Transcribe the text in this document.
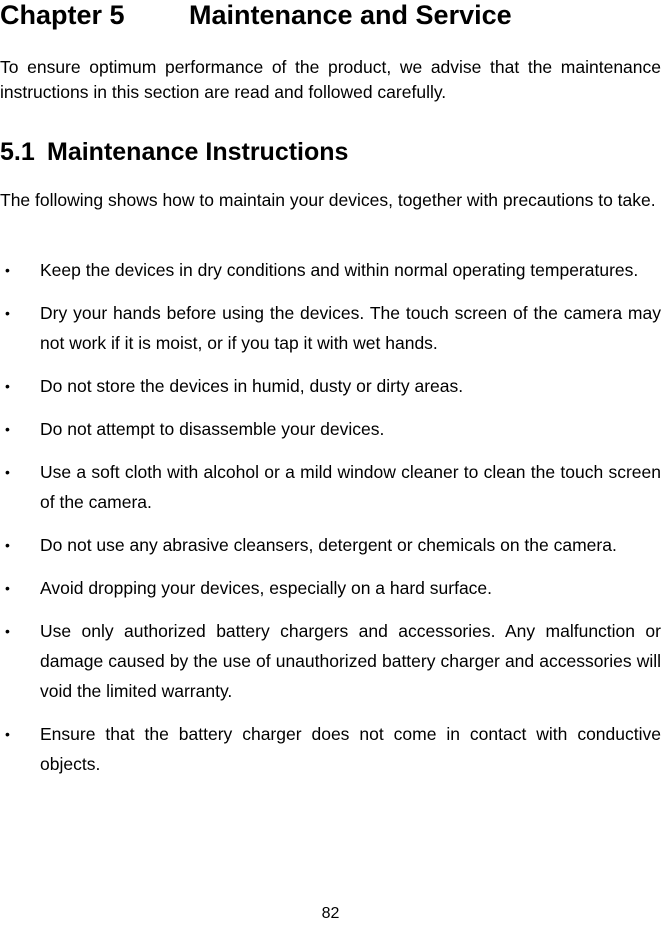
Chapter 5 Maintenance and Service

To ensure optimum performance of the product, we advise that the maintenance instructions in this section are read and followed carefully.

5.1 Maintenance Instructions

The following shows how to maintain your devices, together with precautions to take.

• Keep the devices in dry conditions and within normal operating temperatures.
• Dry your hands before using the devices. The touch screen of the camera may not work if it is moist, or if you tap it with wet hands.
• Do not store the devices in humid, dusty or dirty areas.
• Do not attempt to disassemble your devices.
• Use a soft cloth with alcohol or a mild window cleaner to clean the touch screen of the camera.
• Do not use any abrasive cleansers, detergent or chemicals on the camera.
• Avoid dropping your devices, especially on a hard surface.
• Use only authorized battery chargers and accessories. Any malfunction or damage caused by the use of unauthorized battery charger and accessories will void the limited warranty.
• Ensure that the battery charger does not come in contact with conductive objects.

82
